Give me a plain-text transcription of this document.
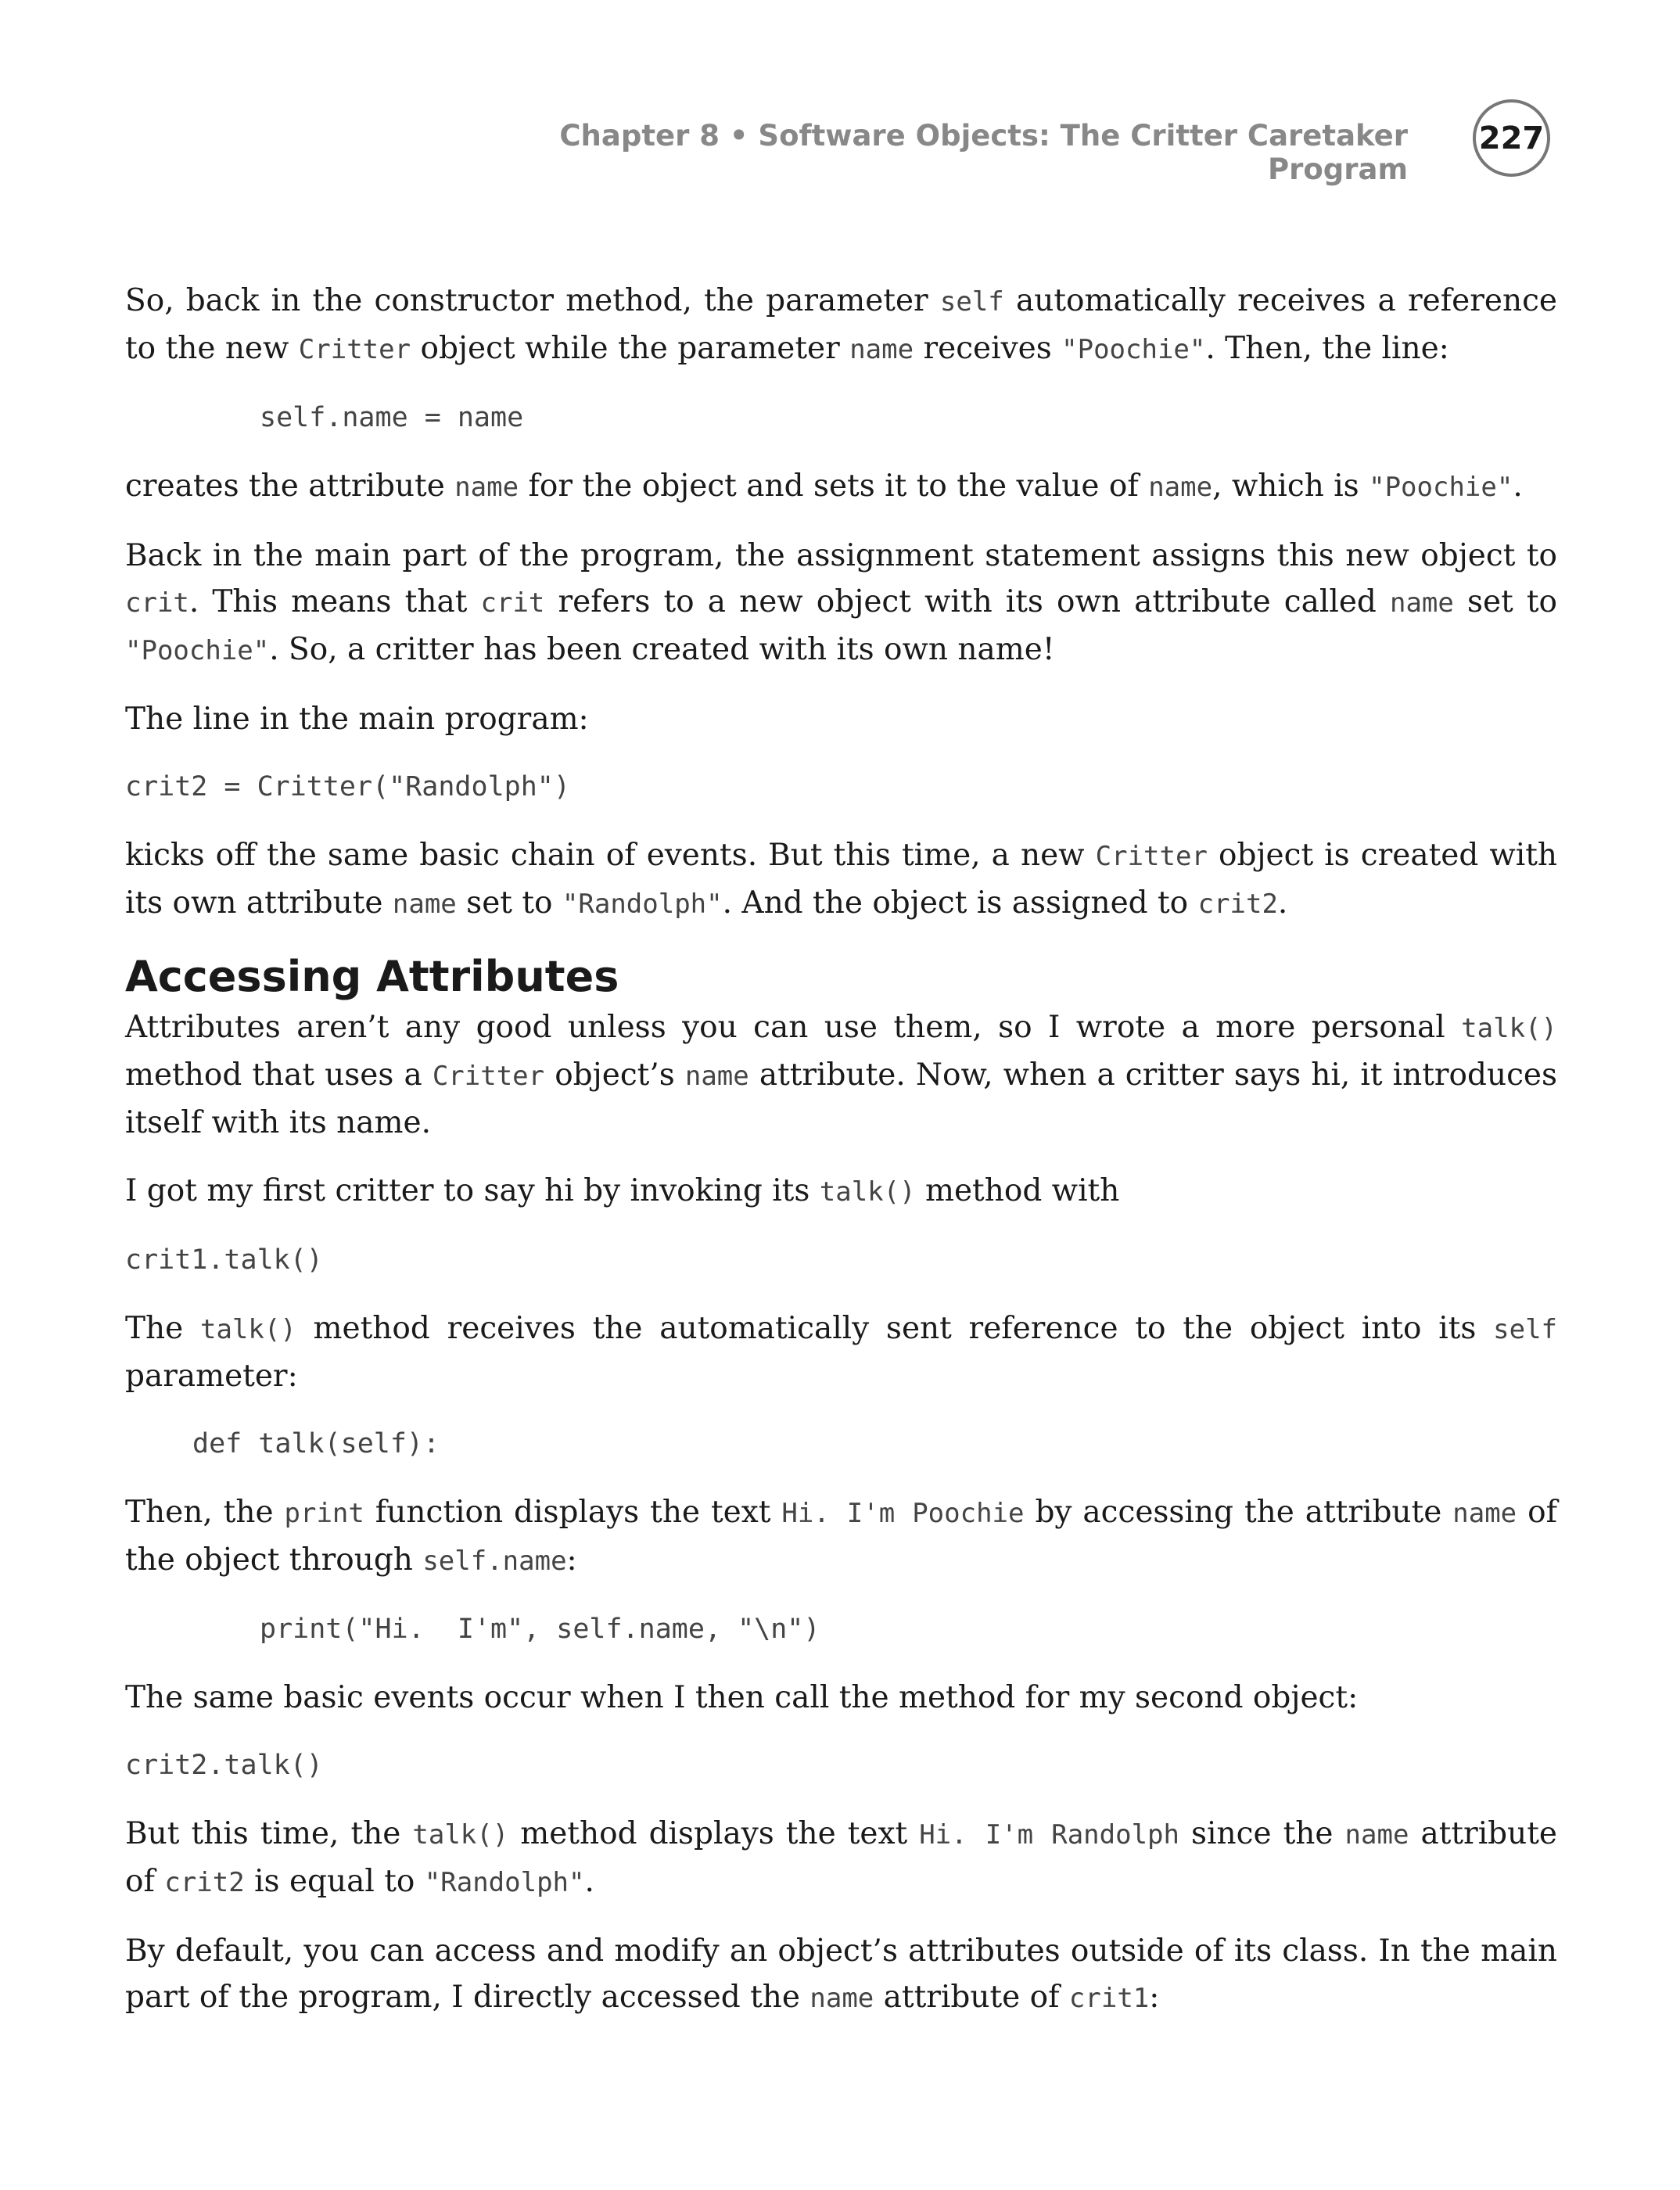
Chapter 8 • Software Objects: The Critter Caretaker Program
227

So, back in the constructor method, the parameter self automatically receives a reference to the new Critter object while the parameter name receives "Poochie". Then, the line:

self.name = name

creates the attribute name for the object and sets it to the value of name, which is "Poochie".

Back in the main part of the program, the assignment statement assigns this new object to crit. This means that crit refers to a new object with its own attribute called name set to "Poochie". So, a critter has been created with its own name!

The line in the main program:

crit2 = Critter("Randolph")

kicks off the same basic chain of events. But this time, a new Critter object is created with its own attribute name set to "Randolph". And the object is assigned to crit2.

Accessing Attributes

Attributes aren’t any good unless you can use them, so I wrote a more personal talk() method that uses a Critter object’s name attribute. Now, when a critter says hi, it introduces itself with its name.

I got my first critter to say hi by invoking its talk() method with

crit1.talk()

The talk() method receives the automatically sent reference to the object into its self parameter:

def talk(self):

Then, the print function displays the text Hi. I'm Poochie by accessing the attribute name of the object through self.name:

print("Hi.  I'm", self.name, "\n")

The same basic events occur when I then call the method for my second object:

crit2.talk()

But this time, the talk() method displays the text Hi. I'm Randolph since the name attribute of crit2 is equal to "Randolph".

By default, you can access and modify an object’s attributes outside of its class. In the main part of the program, I directly accessed the name attribute of crit1:
